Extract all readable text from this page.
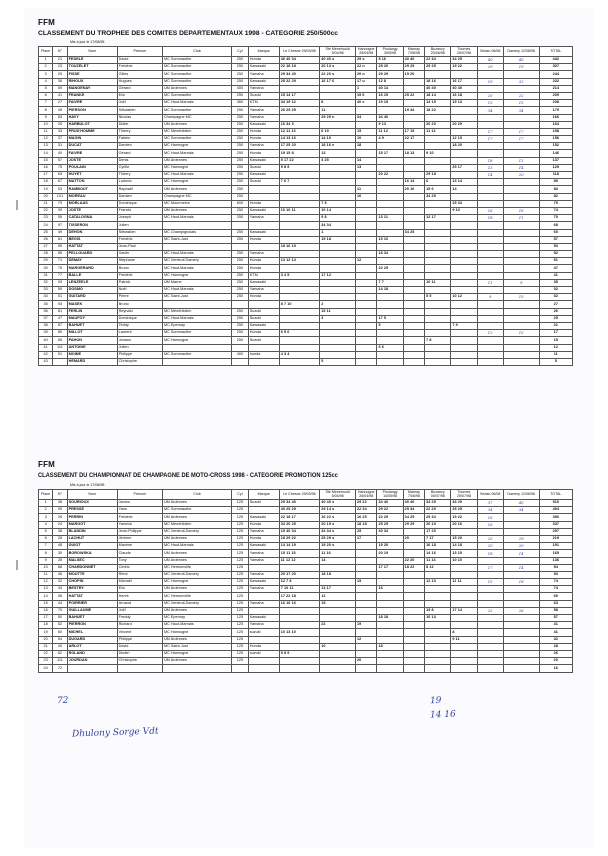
FFM
CLASSEMENT DU TROPHEE DES COMITES DEPARTEMENTAUX 1998 - CATEGORIE 250/500cc
Mis à jour le 17/08/98
Place	N°	Nom	Prénom	Club	Cyl	Marque	Le Chesne 29/03/98	Ste Menehould 5/04/98	Hannogne 26/04/98	Poulangy 3/05/98	Marnay 7/06/98	Buzancy 20/06/98	Tournes 25/07/98	Sedan 08/08	Damery 12/08/98	TOTAL
1	21	FEDELE	David	MC Sommauthe	250	Honda	40 40 34	40 40 s	29 s	8 16	40 40	22 34	34 25	40	40	442
2	23	TOUZELET	Frédéric	MC Sommauthe	250	Kawasaki	22 18 18	20 13 s	22 n	25 20	29 29	25 25	19 22	29	19	307
3	29	FISSE	Gilles	MC Sommauthe	250	Yamaha	29 34 40	22 20 s	20 n	29 29	15 20					244
4	36	RIHOUX	Hugues	MC Sommauthe	250	Kawasaki	25 22 29	16 17 6	17 u	12 8		18 16	16 17	19	32	232
5	69	MANGENAY	Gérard	UM Ardennes	400	Yamaha			1	40 14		40 40	40 40			214
6	41	FRANKE	Eric	MC Sommauthe	250	Suzuki	15 14 17		19 6	16 15	25 22	18 14	16 18	20	22	209
7	27	FAIVRE	Joël	MC Haut-Marnais	360	KTM	34 19 12	8	40 e	19 19		14 15	15 13	15	15	208
8	45	PIERSON	Sébastien	MC Sommauthe	250	Yamaha	20 29 25	11			19 34	18 22		34	34	179
9	83	HAVY	Nicolas	Champagne MC	250	Yamaha		29 29 n	34	34 40						166
10	25	HARBULOT	Didier	UM Ardennes	250	Kawasaki	16 34 3			9 13		20 20	20 29			164
11	33	PRUD'HOMME	Thierry	MC Ménéhildien	250	Honda	12 11 13	6 19	15	11 12	17 19	11 12		17	17	158
12	37	MAGIN	Fabien	MC Sommauthe	250	Honda	14 13 16	14 10	10	4 9	22 17		12 15	17	17	156
13	31	DUCAT	Damien	MC Hannogne	250	Yamaha	17 25 20	18 16 e	18				18 20			152
14	40	FAIVRE	Gérard	MC Haut-Marnais	250	Honda	19 15 8	13		15 17	18 13	9 10				146
15	57	JOSTE	Denis	UM Ardennes	250	Kawasaki	5 17 22	4 25	14					18	12	137
16	75	POULAIN	Cyrille	MC Hannogne	250	Suzuki	9 8 9		13				25 17	13	14	129
17	63	HUYET	Thierry	MC Haut-Marnais	250	Kawasaki				20 22		29 18		14	20	118
18	67	MATTON	Ludovic	MC Hannogne	250	Suzuki	7 6 7				16 14	6	13 14			89
19	53	RAMBOUT	Raphaël	UM Ardennes	250				11		20 16	15 6	14			83
20	101	MOREAU	Damien	Champagne MC	250				16			34 29				82
21	79	MORLAAS	Dominique	MC Mourmelon	600	Honda		7 9					29 34			79
22	39	JOSTE	Francis	UM Ardennes	250	Kawasaki	10 10 11	10 14					9 10	16	16	74
23	55	CATALOGNA	Joseph	MC Haut-Marnais	250	Yamaha		9 8		13 11		12 17		18	11	70
24	97	TISSERON	Julien					34 34								68
25	49	DEHON	Sébastien	MC Champignolais	250	Kawasaki		1			34 25					60
26	61	BEGIS	Frédéric	MC Saint-Just	250	Honda		19 18		10 10						57
27	95	HATTAT	Jean-Paul				18 16 19									53
28	85	PELLOUARD	Xavier	MC Haut-Marnais	250	Yamaha				18 34						52
29	71	DEMAY	Stéphane	MC Venteuil Damery	250	Honda	13 12 14		12							51
30	75	MARGERARD	Bruno	MC Haut-Marnais	250	Honda				22 25						47
31	77	BALLE	Frédéric	MC Hannogne	250	KTM	3 4 5	17 12								41
32	93	LENZEELE	Patrick	UM Marne	250	Kawasaki				7 7		10 11		11	9	35
33	59	DOSMO	Noël	MC Haut-Marnais	250	Yamaha				14 18						32
34	51	GUITARD	Pierre	MC Saint-Just	250	Honda						5 5	10 12	9	10	32
35	93	MASEK	Bruno				8 7 10	2								27
36	81	FERLIN	Reynald	MC Ménéhildien	250	Suzuki		15 11								26
37	47	MAUFOY	Dominique	MC Haut-Marnais	250	Suzuki		3		17 5						25
38	87	BAHUET	Teddy	MC Epernay	250	Kawasaki				5			7 9			21
39	89	MILLOT	Laurent	MC Sommauthe	250	Honda	6 5 6							12	15	17
40	65	PAHON	Johann	MC Hannogne	250	Suzuki						7 8				15
41	111	ANTOINE	Julien							6 6						12
42	91	MOINE	Philippe	MC Sommauthe	400	honda	4 3 4									11
43		HEMARD	Christophe					5								5
FFM
CLASSEMENT DU CHAMPIONNAT DE CHAMPAGNE DE MOTO-CROSS 1998 - CATEGORIE PROMOTION 125cc
Mis à jour le 17/08/98
Place	N°	Nom	Prénom	Club	Cyl	Marque	Le Chesne 29/03/98	Ste Menehould 5/04/98	Hannogne 26/04/98	Poulangy 14/05/98	Marnay 7/06/98	Buzancy 05/07/98	Tournes 25/07/98	Sedan 06/08	Damery 12/08/98	TOTAL
1	36	SOURIOUX	James	UM Ardennes	125	Suzuki	29 34 40	40 40 s	29 22	34 40	40 40	34 25	34 29	37	40	510
2	05	PRESSE	Yann	MC Sommauthe	125		40 25 29	29 14 s	22 34	29 22	25 34	22 29	25 25	34	34	404
3	26	PERRIN	Frédéric	UM Ardennes	125	Kawasaki	22 18 17	16 22 s	16 25	22 29	34 25	29 34	19 22	16		350
4	24	MARGOT	Yannick	MC Ménéhildien	125	Honda	34 20 25	20 19 s	18 18	25 25	29 29	20 19	20 16	16		337
5	38	BLANDIN	Jean-Philippe	MC Venteuil-Damery	125	Yamaha	19 40 34	34 34 s	25	40 34		17 20				297
6	28	LACHUT	Jérôme	UM Ardennes	125	Honda	18 29 22	25 29 s	17		20	7 17	15 20	25	29	219
7	48	GUIOT	Maxime	MC Haut-Marnais	125	Kawasaki	14 14 19	19 20 s		19 20		16 18	14 18	20	20	191
8	30	BOROWSKA	Claude	UM Ardennes	125	Yamaha	15 11 15	11 16		20 19		14 16	13 15	18	14	165
9	28	MALSEC	Tony	UM Ardennes	125	Yamaha	11 12 12	14			22 20	11 14	10 10			136
10	68	CHARDONNET	Cédric	MC Hermonville	125					17 17	18 22	8 12		17	14	94
11	46	MOUTTE	Rémi	MC Venteuil-Damery	125	Yamaha	20 17 20	18 18								93
12	32	CHOPIN	Michaël	MC Hannogne	125	Kawasaki	12 7 8		15			12 10	11 11	15	18	74
13	34	BESTRY	Eric	UM Ardennes	125	Yamaha	7 10 11	13 17		16						74
14	58	HATTAT	Hervé	MC Hermonville	125		17 22 18	12								69
15	44	POIRRIER	Arnaud	MC Venteuil-Damery	125	Yamaha	16 16 16	15								63
16	70	GUILLAUME	Joël	UM Ardennes	125							19 8	17 14	22	26	58
17	50	BAHUET	Freddy	MC Epernay	125	Kawasaki				18 18		10 13				57
18	52	PIERRON	Richard	MC Haut-Marnais	125	Yamaha		22	19							41
19	60	MICHEL	Vincent	MC Hannogne	125	suzuki	10 13 10						8			41
20	54	DUGARD	Philippe	UM Ardennes	125				12				9 11			32
21	40	ARLOT	David	MC Saint-Just	125	Honda		10		18						28
22	62	ROLAND	Dimitri	MC Hannogne	125	suzuki	9 8 9									26
23	111	JOURDAN	Christophe	UM Ardennes	125				20							20
24	72															16
72
Dhulony Sorge Vdt
19
14 16
